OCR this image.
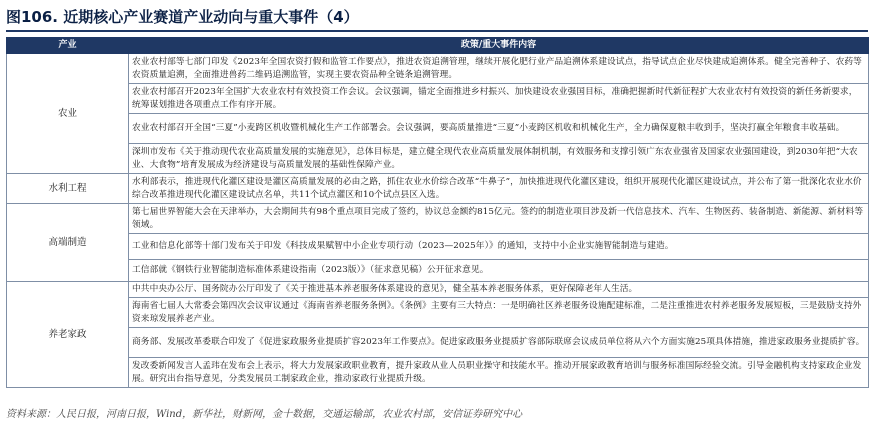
图106. 近期核心产业赛道产业动向与重大事件（4）
产业	政策/重大事件内容
农业	农业农村部等七部门印发《2023年全国农资打假和监管工作要点》，推进农资追溯管理，继续开展化肥行业产品追溯体系建设试点，指导试点企业尽快建成追溯体系。健全完善种子、农药等农资质量追溯，全面推进兽药二维码追溯监管，实现主要农资品种全链条追溯管理。
	农业农村部召开2023年全国扩大农业农村有效投资工作会议。会议强调，锚定全面推进乡村振兴、加快建设农业强国目标，准确把握新时代新征程扩大农业农村有效投资的新任务新要求，统筹谋划推进各项重点工作有序开展。
	农业农村部召开全国“三夏”小麦跨区机收暨机械化生产工作部署会。会议强调，要高质量推进“三夏”小麦跨区机收和机械化生产，全力确保夏粮丰收到手，坚决打赢全年粮食丰收基础。
	深圳市发布《关于推动现代农业高质量发展的实施意见》，总体目标是，建立健全现代农业高质量发展体制机制，有效服务和支撑引领广东农业强省及国家农业强国建设，到2030年把“大农业、大食物”培育发展成为经济建设与高质量发展的基础性保障产业。
水利工程	水利部表示，推进现代化灌区建设是灌区高质量发展的必由之路，抓住农业水价综合改革“牛鼻子”，加快推进现代化灌区建设，组织开展现代化灌区建设试点，并公布了第一批深化农业水价综合改革推进现代化灌区建设试点名单，共11个试点灌区和10个试点县区入选。
高端制造	第七届世界智能大会在天津举办，大会期间共有98个重点项目完成了签约，协议总金额约815亿元。签约的制造业项目涉及新一代信息技术、汽车、生物医药、装备制造、新能源、新材料等领域。
	工业和信息化部等十部门发布关于印发《科技成果赋智中小企业专项行动（2023—2025年）》的通知，支持中小企业实施智能制造与建造。
	工信部就《钢铁行业智能制造标准体系建设指南（2023版）》（征求意见稿）公开征求意见。
养老家政	中共中央办公厅、国务院办公厅印发了《关于推进基本养老服务体系建设的意见》，健全基本养老服务体系，更好保障老年人生活。
	海南省七届人大常委会第四次会议审议通过《海南省养老服务条例》。《条例》主要有三大特点：一是明确社区养老服务设施配建标准，二是注重推进农村养老服务发展短板，三是鼓励支持外资来琼发展养老产业。
	商务部、发展改革委联合印发了《促进家政服务业提质扩容2023年工作要点》。促进家政服务业提质扩容部际联席会议成员单位将从六个方面实施25项具体措施，推进家政服务业提质扩容。
	发改委新闻发言人孟玮在发布会上表示，将大力发展家政职业教育，提升家政从业人员职业操守和技能水平。推动开展家政教育培训与服务标准国际经验交流。引导金融机构支持家政企业发展。研究出台指导意见，分类发展员工制家政企业，推动家政行业提质升级。
资料来源：人民日报，河南日报，Wind，新华社，财新网，金十数据，交通运输部，农业农村部，安信证券研究中心
